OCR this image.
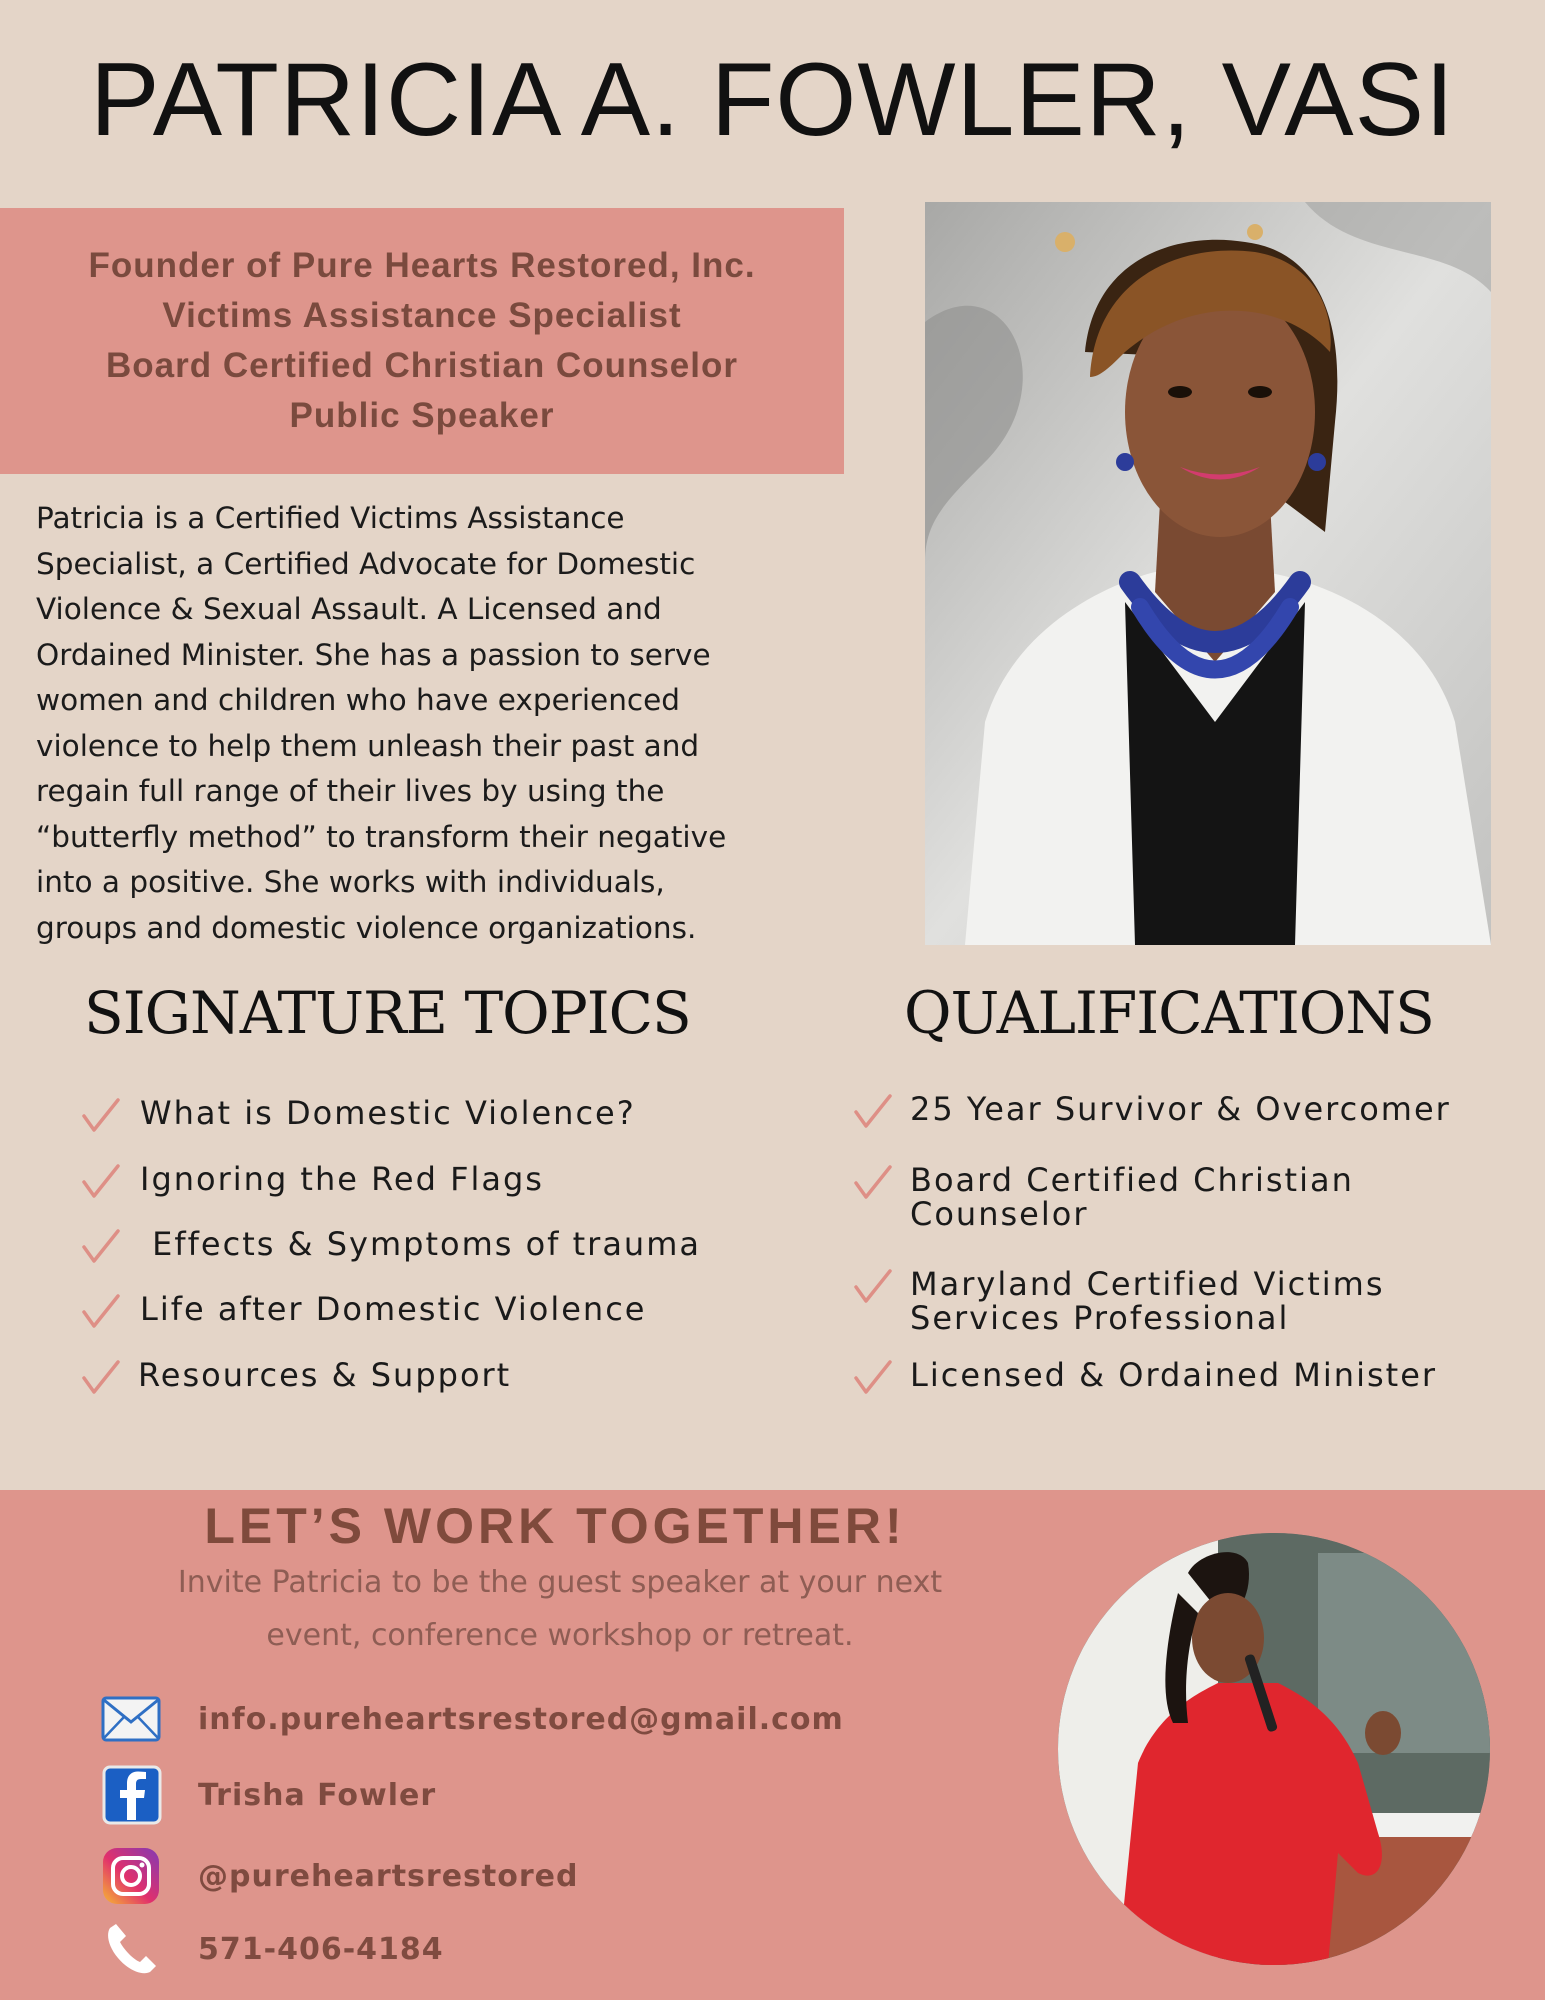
PATRICIA A. FOWLER, VASI
Founder of Pure Hearts Restored, Inc.
Victims Assistance Specialist
Board Certified Christian Counselor
Public Speaker
Patricia is a Certified Victims Assistance
Specialist, a Certified Advocate for Domestic
Violence & Sexual Assault. A Licensed and
Ordained Minister. She has a passion to serve
women and children who have experienced
violence to help them unleash their past and
regain full range of their lives by using the
“butterfly method” to transform their negative
into a positive. She works with individuals,
groups and domestic violence organizations.
SIGNATURE TOPICS
What is Domestic Violence?
Ignoring the Red Flags
Effects & Symptoms of trauma
Life after Domestic Violence
Resources & Support
QUALIFICATIONS
25 Year Survivor & Overcomer
Board Certified Christian
Counselor
Maryland Certified Victims
Services Professional
Licensed & Ordained Minister
LET’S WORK TOGETHER!
Invite Patricia to be the guest speaker at your next
event, conference workshop or retreat.
info.pureheartsrestored@gmail.com
Trisha Fowler
@pureheartsrestored
571-406-4184
